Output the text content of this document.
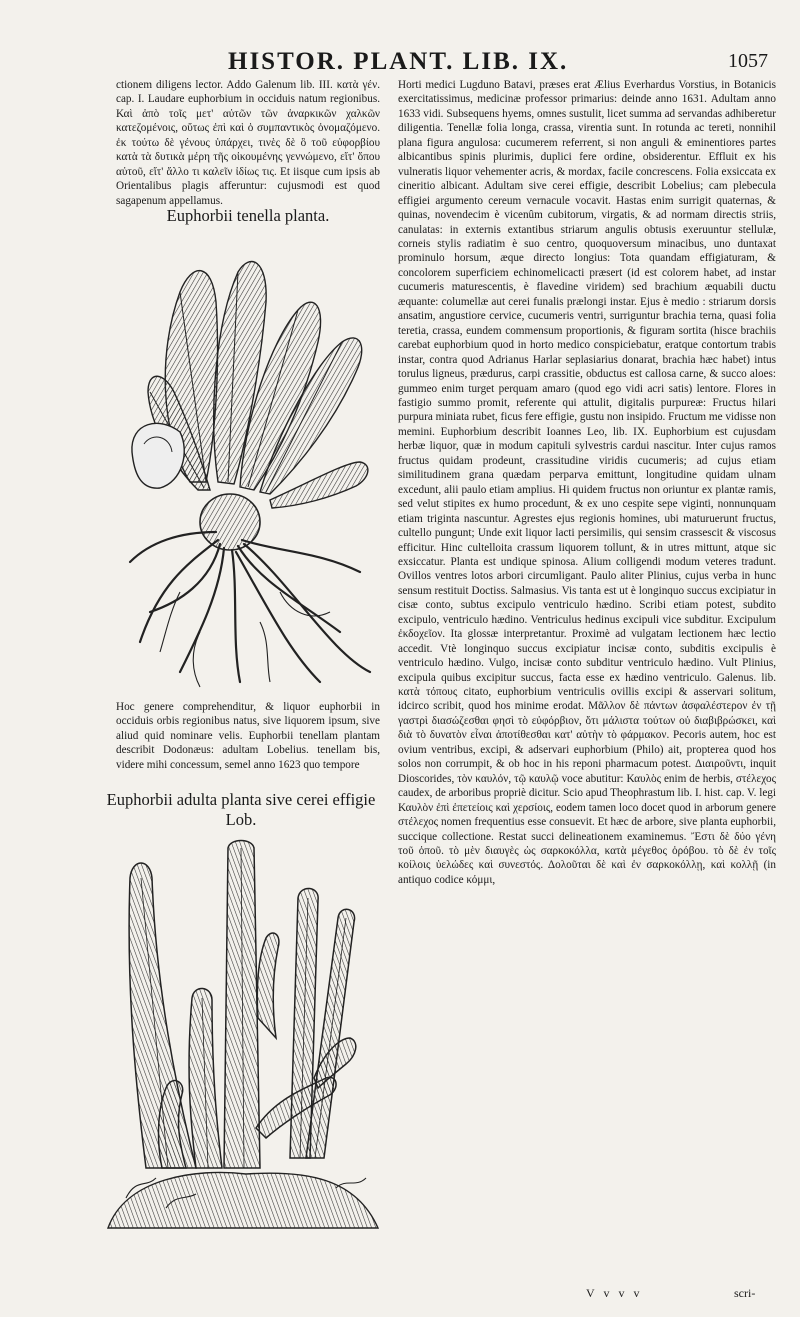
HISTOR. PLANT. LIB. IX.	1057

ctionem diligens lector. Addo Galenum lib. III. κατὰ γέν. cap. I. Laudare euphorbium in occiduis natum regionibus. Καὶ ἀπὸ τοῖς μετ' αὐτῶν τῶν ἀναρκικῶν χαλκῶν κατεζομένοις, οὕτως ἐπὶ καὶ ὁ συμπαντικὸς ὀνομαζόμενο. ἐκ τούτω δὲ γένους ὑπάρχει, τινὲς δὲ ὃ τοῦ εὐφορβίου κατὰ τὰ δυτικὰ μέρη τῆς οἰκουμένης γεννώμενο, εἴτ' ὅπου αὐτοῦ, εἴτ' ἄλλο τι καλεῖν ἰδίως τις. Et iisque cum ipsis ab Orientalibus plagis afferuntur: cujusmodi est quod sagapenum appellamus.

Euphorbii tenella planta.

Hoc genere comprehenditur, & liquor euphorbii in occiduis orbis regionibus natus, sive liquorem ipsum, sive aliud quid nominare velis. Euphorbii tenellam plantam describit Dodonæus: adultam Lobelius. tenellam bis, videre mihi concessum, semel anno 1623 quo tempore

Euphorbii adulta planta sive cerei effigie Lob.

Horti medici Lugduno Batavi, præses erat Ælius Everhardus Vorstius, in Botanicis exercitatissimus, medicinæ professor primarius: deinde anno 1631. Adultam anno 1633 vidi. Subsequens hyems, omnes sustulit, licet summa ad servandas adhiberetur diligentia. Tenellæ folia longa, crassa, virentia sunt. In rotunda ac tereti, nonnihil plana figura angulosa: cucumerem referrent, si non anguli & eminentiores partes albicantibus spinis plurimis, duplici fere ordine, obsiderentur. Effluit ex his vulneratis liquor vehementer acris, & mordax, facile concrescens. Folia exsiccata ex cineritio albicant. Adultam sive cerei effigie, describit Lobelius; cam plebecula effigiei argumento cereum vernacule vocavit. Hastas enim surrigit quaternas, & quinas, novendecim è vicenûm cubitorum, virgatis, & ad normam directis striis, canulatas: in externis extantibus striarum angulis obtusis exeruuntur stellulæ, corneis stylis radiatim è suo centro, quoquoversum minacibus, uno duntaxat prominulo horsum, æque directo longius: Tota quandam effigiaturam, & concolorem superficiem echinomelicacti præsert (id est colorem habet, ad instar cucumeris maturescentis, è flavedine viridem) sed brachium æquabili ductu æquante: columellæ aut cerei funalis prælongi instar. Ejus è medio : striarum dorsis ansatim, angustiore cervice, cucumeris ventri, surriguntur brachia terna, quasi folia teretia, crassa, eundem commensum proportionis, & figuram sortita (hisce brachiis carebat euphorbium quod in horto medico conspiciebatur, eratque contortum trabis instar, contra quod Adrianus Harlar seplasiarius donarat, brachia hæc habet) intus torulus ligneus, prædurus, carpi crassitie, obductus est callosa carne, & succo aloes: gummeo enim turget perquam amaro (quod ego vidi acri satis) lentore. Flores in fastigio summo promit, referente qui attulit, digitalis purpureæ: Fructus hilari purpura miniata rubet, ficus fere effigie, gustu non insipido. Fructum me vidisse non memini. Euphorbium describit Ioannes Leo, lib. IX. Euphorbium est cujusdam herbæ liquor, quæ in modum capituli sylvestris cardui nascitur. Inter cujus ramos fructus quidam prodeunt, crassitudine viridis cucumeris; ad cujus etiam similitudinem grana quædam perparva emittunt, longitudine quidam ulnam excedunt, alii paulo etiam amplius. Hi quidem fructus non oriuntur ex plantæ ramis, sed velut stipites ex humo procedunt, & ex uno cespite sepe viginti, nonnunquam etiam triginta nascuntur. Agrestes ejus regionis homines, ubi maturuerunt fructus, cultello pungunt; Unde exit liquor lacti persimilis, qui sensim crassescit & viscosus efficitur. Hinc cultelloita crassum liquorem tollunt, & in utres mittunt, atque sic exsiccatur. Planta est undique spinosa. Alium colligendi modum veteres tradunt. Ovillos ventres lotos arbori circumligant. Paulo aliter Plinius, cujus verba in hunc sensum restituit Doctiss. Salmasius. Vis tanta est ut è longinquo succus excipiatur in cisæ conto, subtus excipulo ventriculo hædino. Scribi etiam potest, subdito excipulo, ventriculo hædino. Ventriculus hedinus excipuli vice subditur. Excipulum ἐκδοχεῖον. Ita glossæ interpretantur. Proximè ad vulgatam lectionem hæc lectio accedit. Vtè longinquo succus excipiatur incisæ conto, subditis excipulis è ventriculo hædino. Vulgo, incisæ conto subditur ventriculo hædino. Vult Plinius, excipula quibus excipitur succus, facta esse ex hædino ventriculo. Galenus. lib. κατὰ τόπους citato, euphorbium ventriculis ovillis excipi & asservari solitum, idcirco scribit, quod hos minime erodat. Μᾶλλον δὲ πάντων ἀσφαλέστερον ἐν τῇ γαστρὶ διασώζεσθαι φησὶ τὸ εὐφόρβιον, ὅτι μάλιστα τούτων οὐ διαβιβρώσκει, καὶ διὰ τὸ δυνατὸν εἶναι ἀποτίθεσθαι κατ' αὐτὴν τὸ φάρμακον. Pecoris autem, hoc est ovium ventribus, excipi, & adservari euphorbium (Philo) ait, propterea quod hos solos non corrumpit, & ob hoc in his reponi pharmacum potest. Διαιροῦντι, inquit Dioscorides, τὸν καυλόν, τῷ καυλῷ voce abutitur: Καυλὸς enim de herbis, στέλεχος caudex, de arboribus propriè dicitur. Scio apud Theophrastum lib. I. hist. cap. V. legi Καυλὸν ἐπὶ ἐπετείοις καὶ χερσίοις, eodem tamen loco docet quod in arborum genere στέλεχος nomen frequentius esse consuevit. Et hæc de arbore, sive planta euphorbii, succique collectione. Restat succi delineationem examinemus. Ἔστι δὲ δύο γένη τοῦ ὀποῦ. τὸ μὲν διαυγὲς ὡς σαρκοκόλλα, κατὰ μέγεθος ὀρόβου. τὸ δὲ ἐν τοῖς κοίλοις ὑελώδες καὶ συνεστός. Δολοῦται δὲ καὶ ἐν σαρκοκόλλῃ, καὶ κολλῇ (in antiquo codice κόμμι,

V v v v	scri-
